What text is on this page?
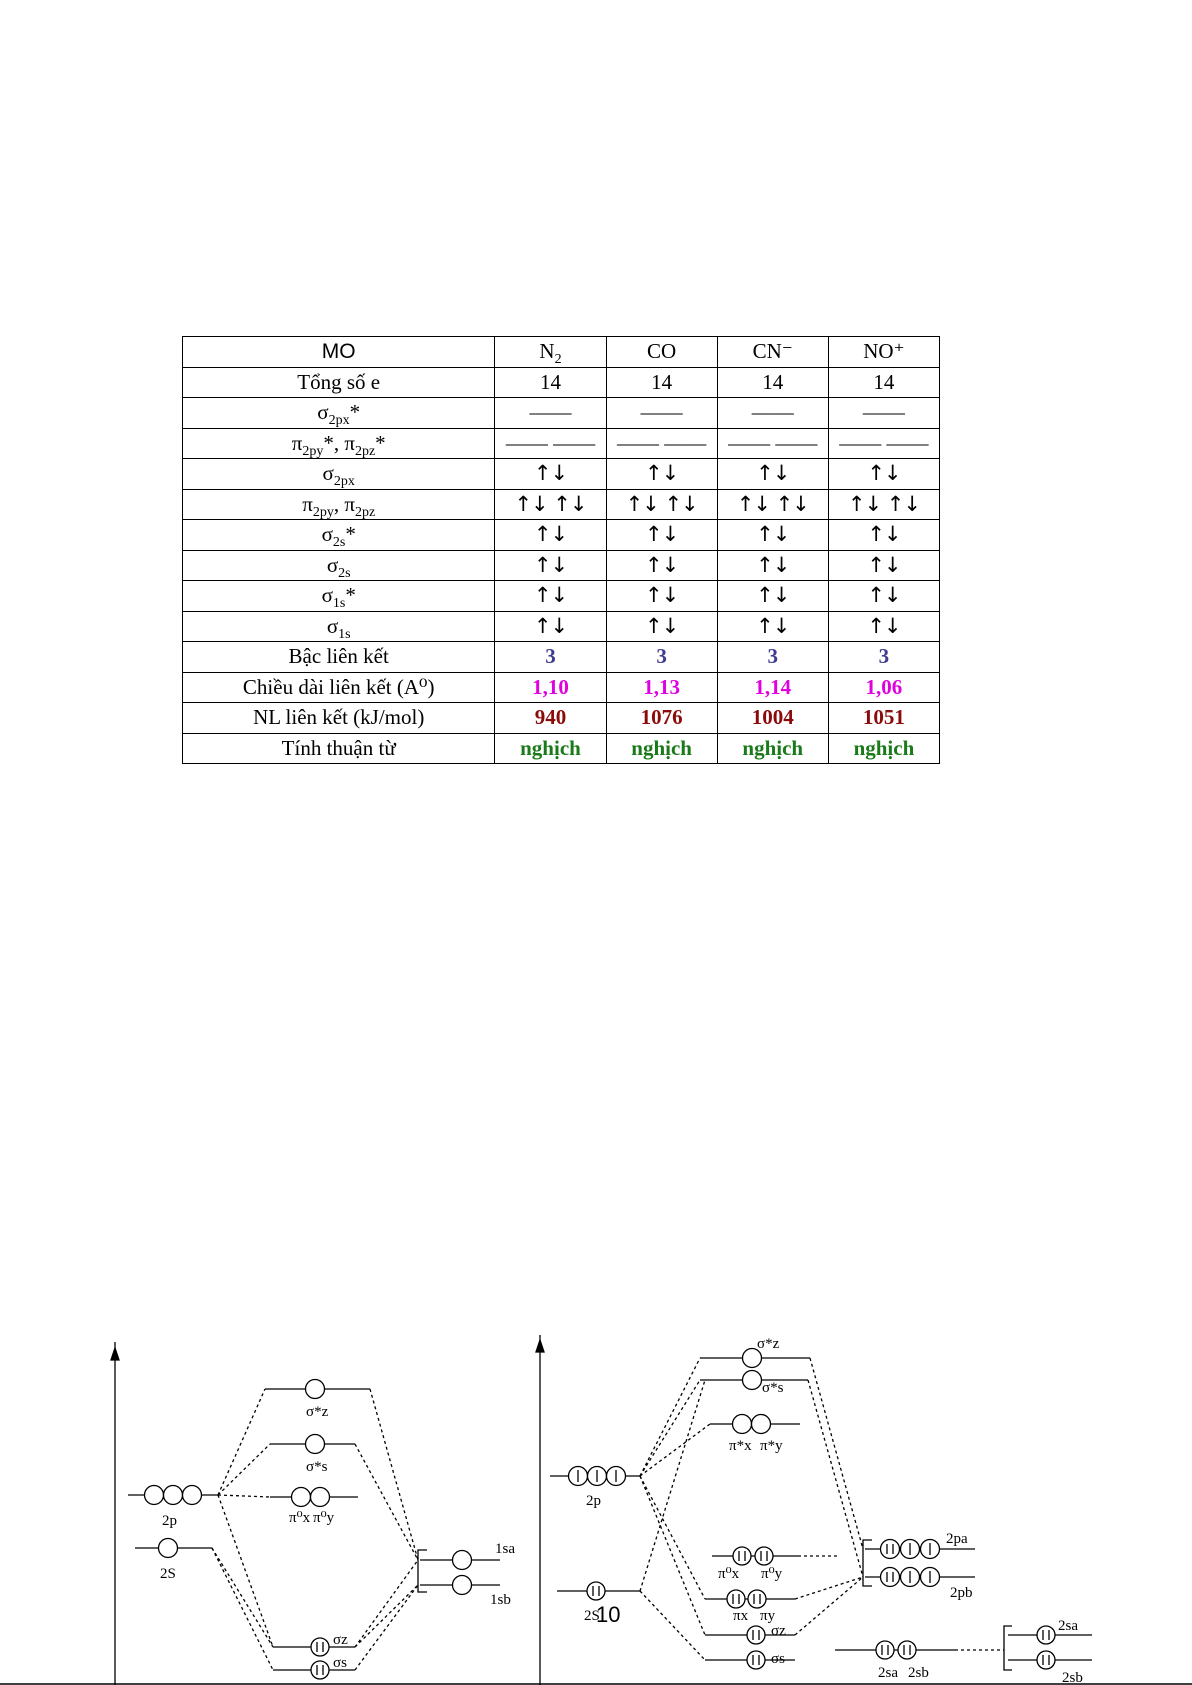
MO	$N_2$	CO	CN⁻	NO⁺
Tổng số e	14	14	14	14
$\sigma_{2px}*$	——	——	——	——
$\pi_{2py}*$, $\pi_{2pz}*$	—— ——	—— ——	—— ——	—— ——
$\sigma_{2px}$	↑↓	↑↓	↑↓	↑↓
$\pi_{2py}$, $\pi_{2pz}$	↑↓ ↑↓	↑↓ ↑↓	↑↓ ↑↓	↑↓ ↑↓
$\sigma_{2s}*$	↑↓	↑↓	↑↓	↑↓
$\sigma_{2s}$	↑↓	↑↓	↑↓	↑↓
$\sigma_{1s}*$	↑↓	↑↓	↑↓	↑↓
$\sigma_{1s}$	↑↓	↑↓	↑↓	↑↓
Bậc liên kết	3	3	3	3
Chiều dài liên kết (A⁰)	1,10	1,13	1,14	1,06
NL liên kết (kJ/mol)	940	1076	1004	1051
Tính thuận từ	nghịch	nghịch	nghịch	nghịch
2p
2S
σ*z
σ*s
π⁰x π⁰y
1sa
1sb
σz
σs
2p
2S
σ*z
σ*s
π*x π*y
π⁰x π⁰y
πx πy
σz
σs
2pa
2pb
2sa 2sb
2sa
2sb
10
